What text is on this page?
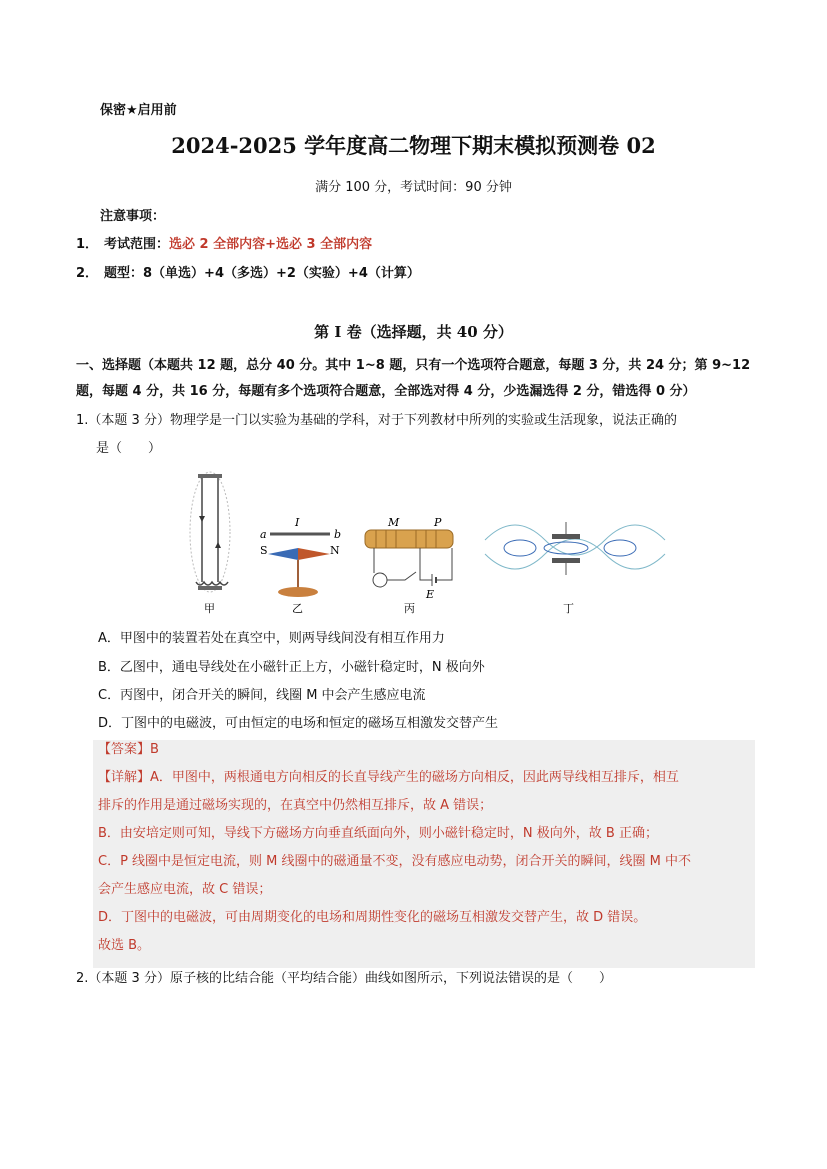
保密★启用前
2024-2025 学年度高二物理下期末模拟预测卷 02
满分 100 分，考试时间：90 分钟
注意事项：
1． 考试范围：选必 2 全部内容+选必 3 全部内容
2． 题型：8（单选）+4（多选）+2（实验）+4（计算）
第 I 卷（选择题，共 40 分）
一、选择题（本题共 12 题，总分 40 分。其中 1~8 题，只有一个选项符合题意，每题 3 分，共 24 分；第 9~12 题，每题 4 分，共 16 分，每题有多个选项符合题意，全部选对得 4 分，少选漏选得 2 分，错选得 0 分）
1.（本题 3 分）物理学是一门以实验为基础的学科，对于下列教材中所列的实验或生活现象，说法正确的
是（　　）
甲
a
I
b
S	N
乙
M	P
E
丙	丁
A．甲图中的装置若处在真空中，则两导线间没有相互作用力
B．乙图中，通电导线处在小磁针正上方，小磁针稳定时，N 极向外
C．丙图中，闭合开关的瞬间，线圈 M 中会产生感应电流
D．丁图中的电磁波，可由恒定的电场和恒定的磁场互相激发交替产生
【答案】B
【详解】A．甲图中，两根通电方向相反的长直导线产生的磁场方向相反，因此两导线相互排斥，相互
排斥的作用是通过磁场实现的，在真空中仍然相互排斥，故 A 错误；
B．由安培定则可知，导线下方磁场方向垂直纸面向外，则小磁针稳定时，N 极向外，故 B 正确；
C．P 线圈中是恒定电流，则 M 线圈中的磁通量不变，没有感应电动势，闭合开关的瞬间，线圈 M 中不
会产生感应电流，故 C 错误；
D．丁图中的电磁波，可由周期变化的电场和周期性变化的磁场互相激发交替产生，故 D 错误。
故选 B。
2.（本题 3 分）原子核的比结合能（平均结合能）曲线如图所示，下列说法错误的是（　　）
